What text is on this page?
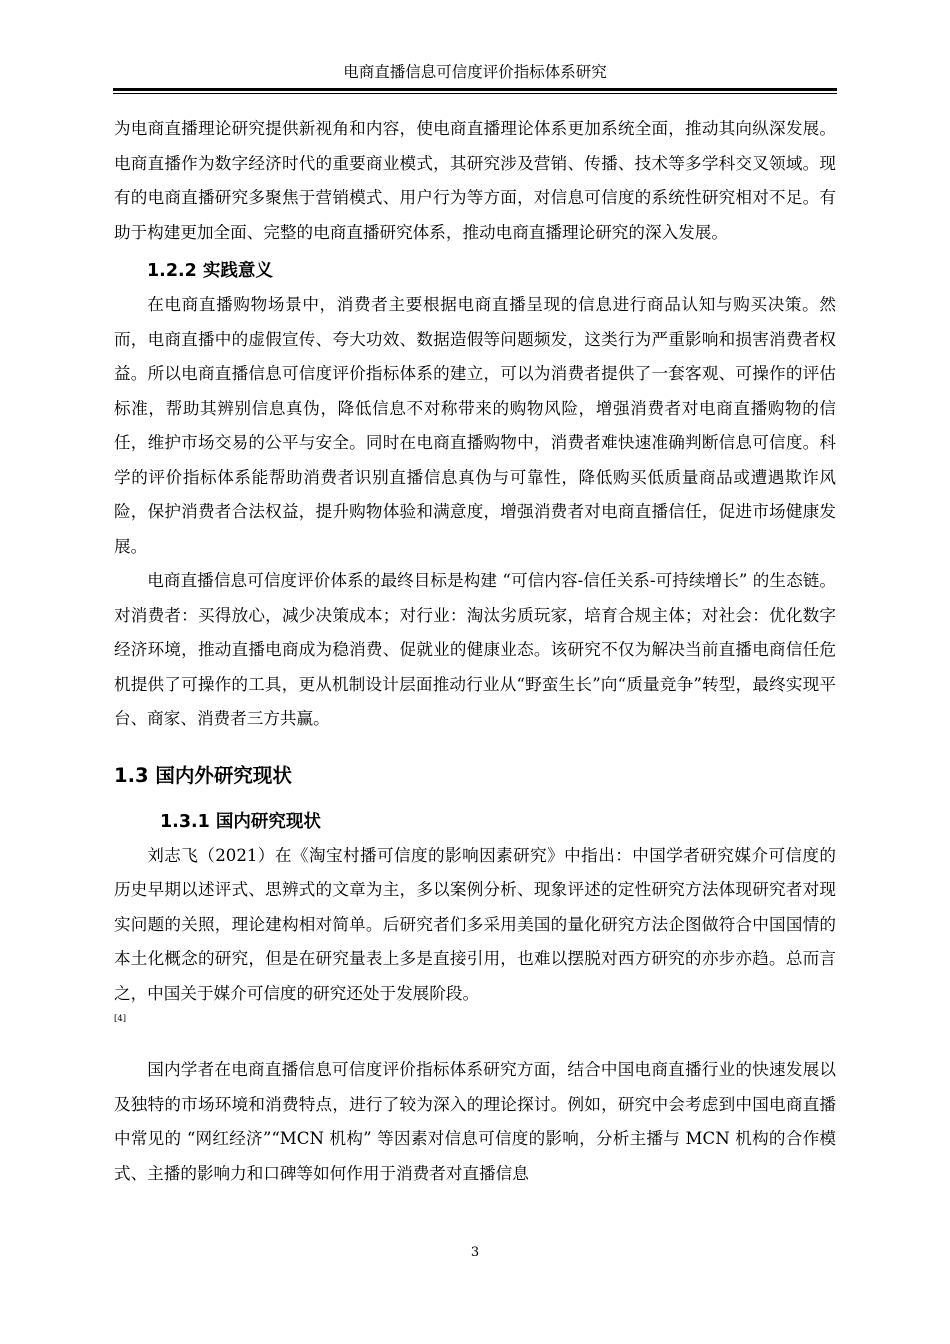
电商直播信息可信度评价指标体系研究

为电商直播理论研究提供新视角和内容，使电商直播理论体系更加系统全面，推动其向纵深发展。电商直播作为数字经济时代的重要商业模式，其研究涉及营销、传播、技术等多学科交叉领域。现有的电商直播研究多聚焦于营销模式、用户行为等方面，对信息可信度的系统性研究相对不足。有助于构建更加全面、完整的电商直播研究体系，推动电商直播理论研究的深入发展。

1.2.2 实践意义

在电商直播购物场景中，消费者主要根据电商直播呈现的信息进行商品认知与购买决策。然而，电商直播中的虚假宣传、夸大功效、数据造假等问题频发，这类行为严重影响和损害消费者权益。所以电商直播信息可信度评价指标体系的建立，可以为消费者提供了一套客观、可操作的评估标准，帮助其辨别信息真伪，降低信息不对称带来的购物风险，增强消费者对电商直播购物的信任，维护市场交易的公平与安全。同时在电商直播购物中，消费者难快速准确判断信息可信度。科学的评价指标体系能帮助消费者识别直播信息真伪与可靠性，降低购买低质量商品或遭遇欺诈风险，保护消费者合法权益，提升购物体验和满意度，增强消费者对电商直播信任，促进市场健康发展。

电商直播信息可信度评价体系的最终目标是构建 “可信内容-信任关系-可持续增长” 的生态链。对消费者：买得放心，减少决策成本；对行业：淘汰劣质玩家，培育合规主体；对社会：优化数字经济环境，推动直播电商成为稳消费、促就业的健康业态。该研究不仅为解决当前直播电商信任危机提供了可操作的工具，更从机制设计层面推动行业从“野蛮生长”向“质量竞争”转型，最终实现平台、商家、消费者三方共赢。

1.3 国内外研究现状
1.3.1 国内研究现状

刘志飞（2021）在《淘宝村播可信度的影响因素研究》中指出：中国学者研究媒介可信度的历史早期以述评式、思辨式的文章为主，多以案例分析、现象评述的定性研究方法体现研究者对现实问题的关照，理论建构相对简单。后研究者们多采用美国的量化研究方法企图做符合中国国情的本土化概念的研究，但是在研究量表上多是直接引用，也难以摆脱对西方研究的亦步亦趋。总而言之，中国关于媒介可信度的研究还处于发展阶段。

[4]

国内学者在电商直播信息可信度评价指标体系研究方面，结合中国电商直播行业的快速发展以及独特的市场环境和消费特点，进行了较为深入的理论探讨。例如，研究中会考虑到中国电商直播中常见的 “网红经济”“MCN 机构” 等因素对信息可信度的影响，分析主播与 MCN 机构的合作模式、主播的影响力和口碑等如何作用于消费者对直播信息

3
